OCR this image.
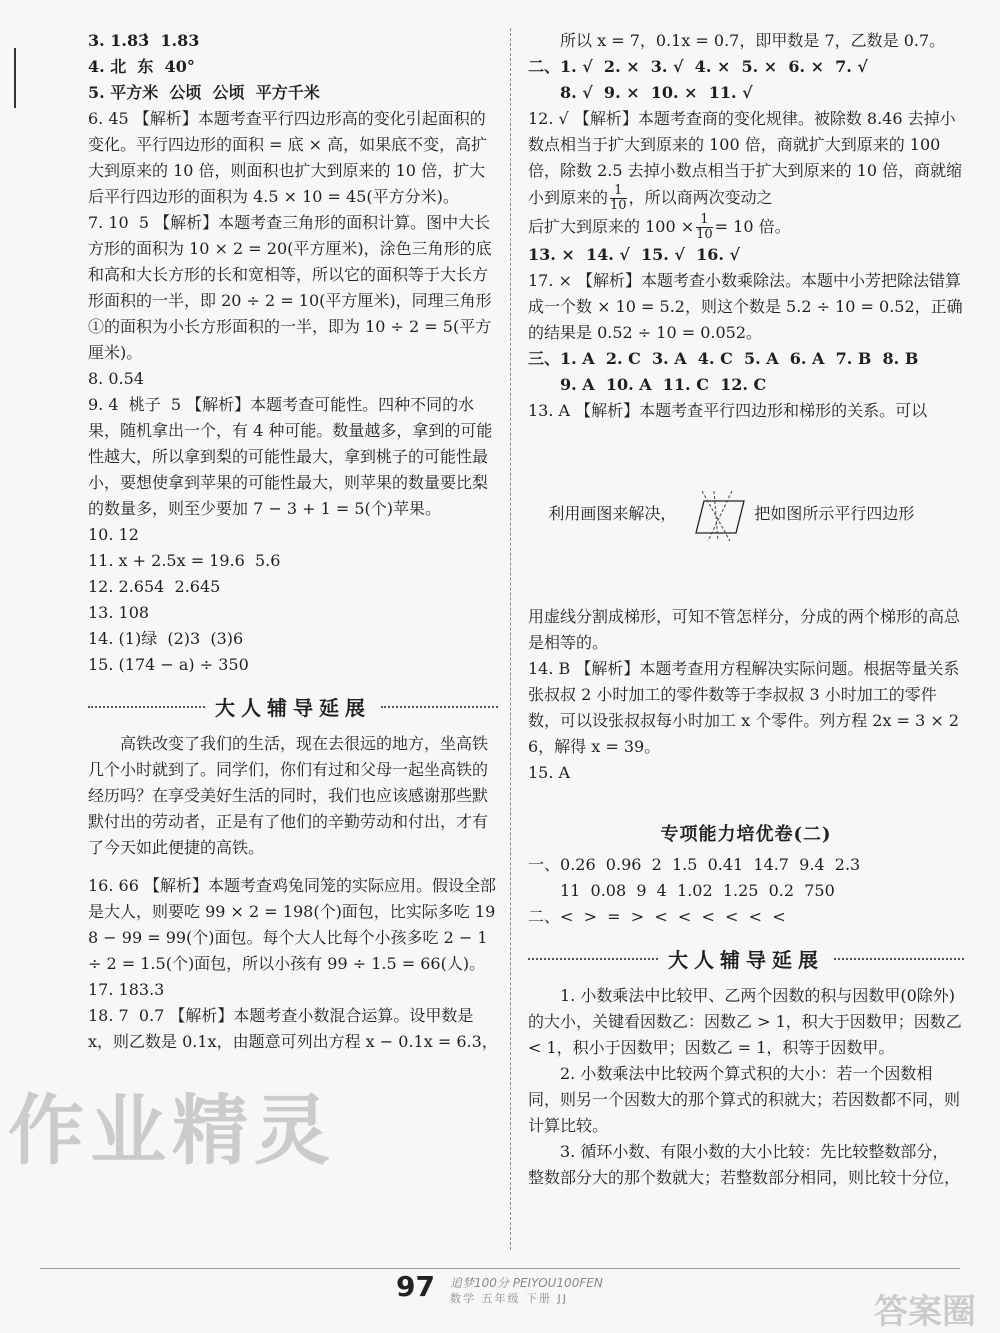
3. 1.83̇  1.83

4. 北  东  40°

5. 平方米  公顷  公顷  平方千米

6. 45 【解析】本题考查平行四边形高的变化引起面积的变化。平行四边形的面积 = 底 × 高，如果底不变，高扩大到原来的 10 倍，则面积也扩大到原来的 10 倍，扩大后平行四边形的面积为 4.5 × 10 = 45(平方分米)。

7. 10  5 【解析】本题考查三角形的面积计算。图中大长方形的面积为 10 × 2 = 20(平方厘米)，涂色三角形的底和高和大长方形的长和宽相等，所以它的面积等于大长方形面积的一半，即 20 ÷ 2 = 10(平方厘米)，同理三角形①的面积为小长方形面积的一半，即为 10 ÷ 2 = 5(平方厘米)。

8. 0.54

9. 4  桃子  5 【解析】本题考查可能性。四种不同的水果，随机拿出一个，有 4 种可能。数量越多，拿到的可能性越大，所以拿到梨的可能性最大，拿到桃子的可能性最小，要想使拿到苹果的可能性最大，则苹果的数量要比梨的数量多，则至少要加 7 − 3 + 1 = 5(个)苹果。

10. 12

11. x + 2.5x = 19.6  5.6

12. 2.654  2.645

13. 108

14. (1)绿  (2)3  (3)6

15. (174 − a) ÷ 350

大人辅导延展

高铁改变了我们的生活，现在去很远的地方，坐高铁几个小时就到了。同学们，你们有过和父母一起坐高铁的经历吗？在享受美好生活的同时，我们也应该感谢那些默默付出的劳动者，正是有了他们的辛勤劳动和付出，才有了今天如此便捷的高铁。

16. 66 【解析】本题考查鸡兔同笼的实际应用。假设全部是大人，则要吃 99 × 2 = 198(个)面包，比实际多吃 198 − 99 = 99(个)面包。每个大人比每个小孩多吃 2 − 1 ÷ 2 = 1.5(个)面包，所以小孩有 99 ÷ 1.5 = 66(人)。

17. 183.3

18. 7  0.7 【解析】本题考查小数混合运算。设甲数是 x，则乙数是 0.1x，由题意可列出方程 x − 0.1x = 6.3，

所以 x = 7，0.1x = 0.7，即甲数是 7，乙数是 0.7。

二、1. √  2. ×  3. √  4. ×  5. ×  6. ×  7. √

8. √  9. ×  10. ×  11. √

12. √ 【解析】本题考查商的变化规律。被除数 8.46 去掉小数点相当于扩大到原来的 100 倍，商就扩大到原来的 100 倍，除数 2.5 去掉小数点相当于扩大到原来的 10 倍，商就缩小到原来的 $\frac{1}{10}$ ，所以商两次变动之

后扩大到原来的 $100 \times \frac{1}{10} = 10$ 倍。

13. ×  14. √  15. √  16. √

17. × 【解析】本题考查小数乘除法。本题中小芳把除法错算成一个数 × 10 = 5.2，则这个数是 5.2 ÷ 10 = 0.52，正确的结果是 0.52 ÷ 10 = 0.052。

三、1. A  2. C  3. A  4. C  5. A  6. A  7. B  8. B

9. A  10. A  11. C  12. C

13. A 【解析】本题考查平行四边形和梯形的关系。可以

利用画图来解决，	把如图所示平行四边形

用虚线分割成梯形，可知不管怎样分，分成的两个梯形的高总是相等的。

14. B 【解析】本题考查用方程解决实际问题。根据等量关系张叔叔 2 小时加工的零件数等于李叔叔 3 小时加工的零件数，可以设张叔叔每小时加工 x 个零件。列方程 2x = 3 × 26，解得 x = 39。

15. A

专项能力培优卷(二)

一、0.26  0.96  2  1.5  0.41  14.7  9.4  2.3

11  0.08  9  4  1.02  1.25  0.2  750

二、<  >  =  >  <  <  <  <  <  <

大人辅导延展

1. 小数乘法中比较甲、乙两个因数的积与因数甲(0除外)的大小，关键看因数乙：因数乙 > 1，积大于因数甲；因数乙 < 1，积小于因数甲；因数乙 = 1，积等于因数甲。

2. 小数乘法中比较两个算式积的大小：若一个因数相同，则另一个因数大的那个算式的积就大；若因数都不同，则计算比较。

3. 循环小数、有限小数的大小比较：先比较整数部分，整数部分大的那个数就大；若整数部分相同，则比较十分位，

97 追梦100分 PEIYOU100FEN
数学 五年级 下册 JJ
作业精灵
答案圈
